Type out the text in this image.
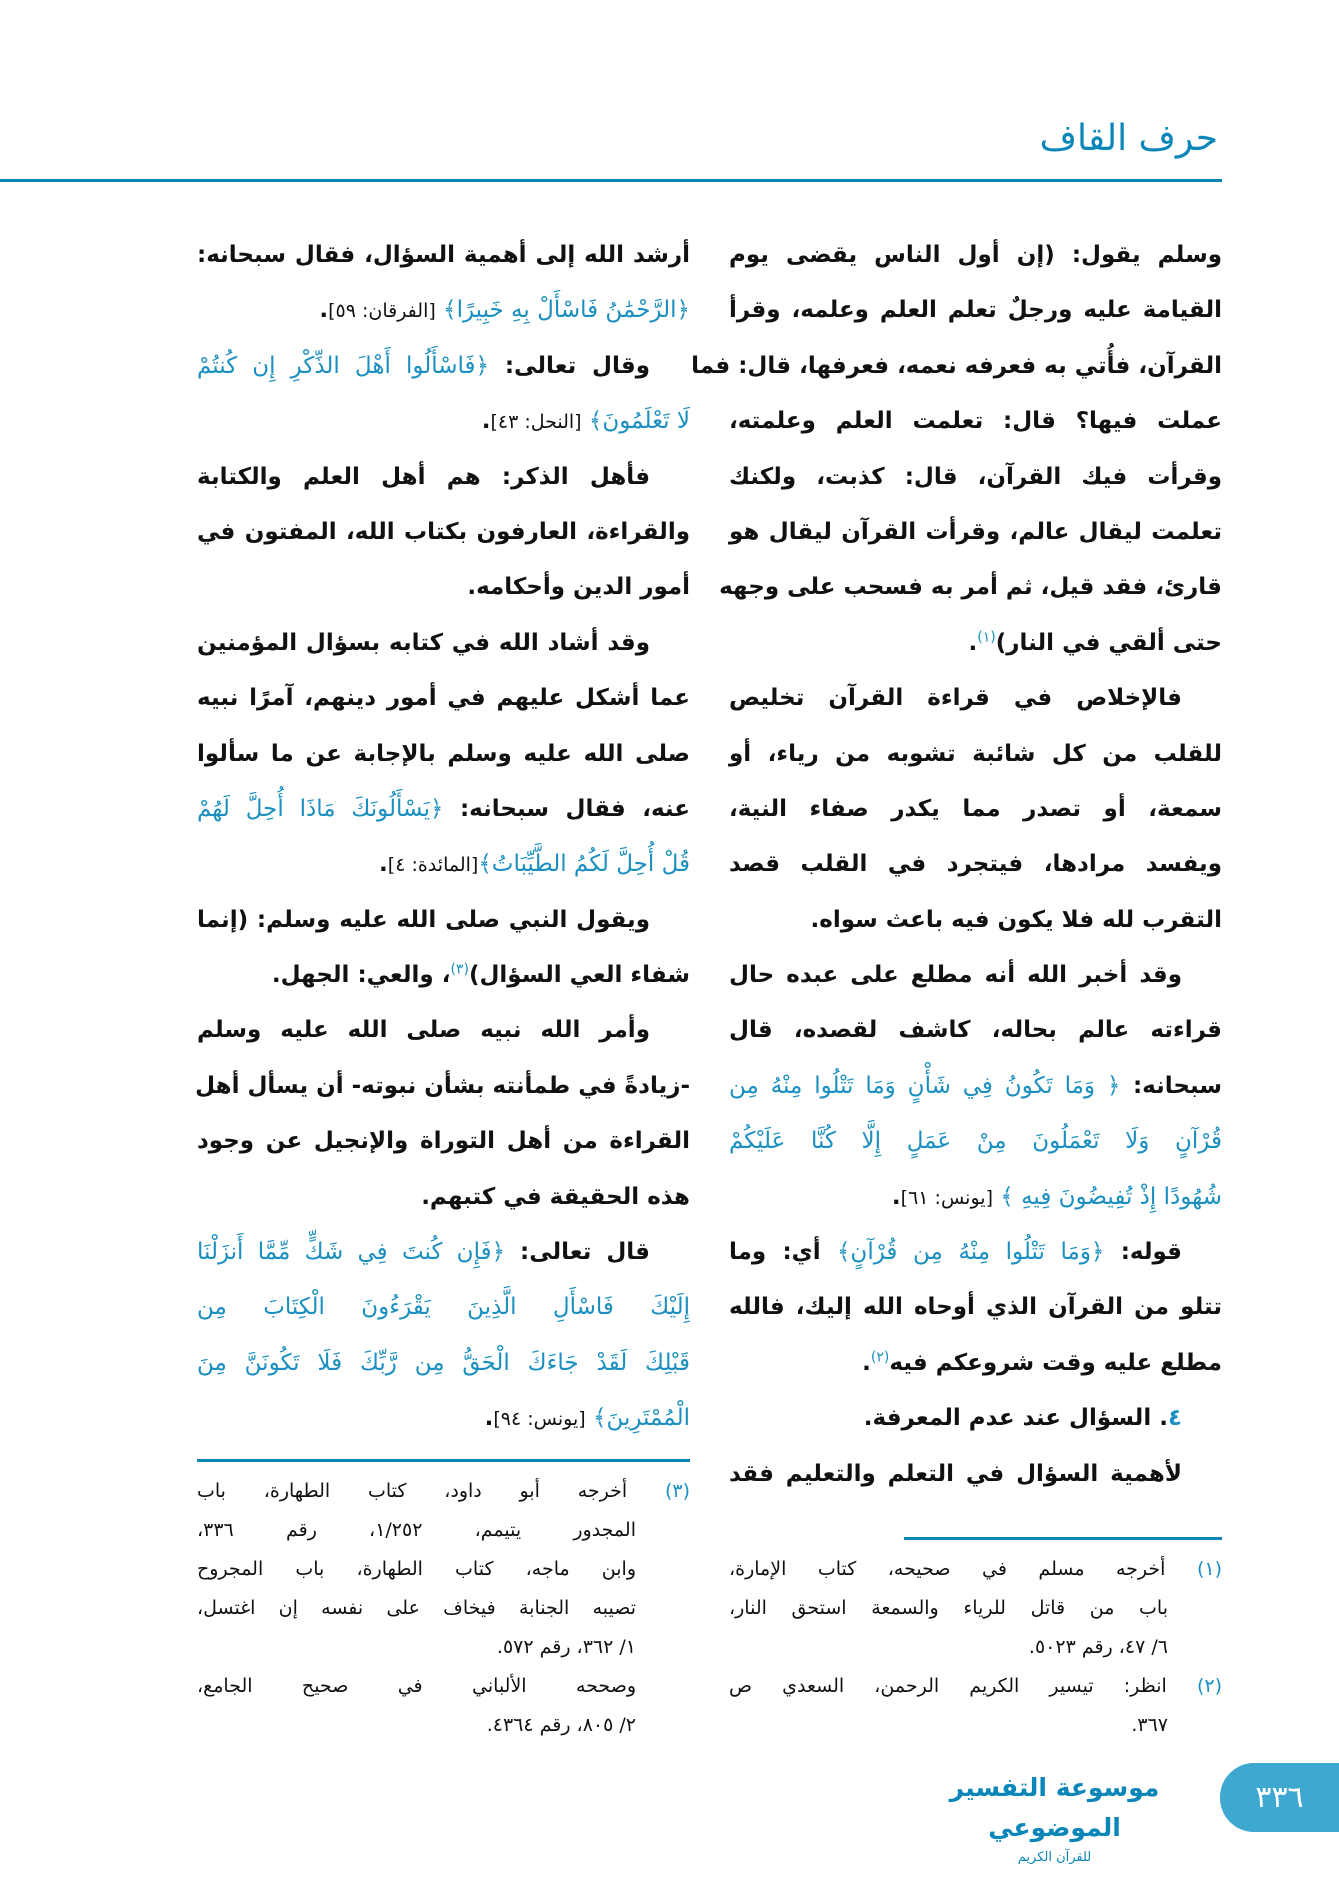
حرف القاف
وسلم يقول: (إن أول الناس يقضى يوم
القيامة عليه ورجلٌ تعلم العلم وعلمه، وقرأ
القرآن، فأُتي به فعرفه نعمه، فعرفها، قال: فما
عملت فيها؟ قال: تعلمت العلم وعلمته،
وقرأت فيك القرآن، قال: كذبت، ولكنك
تعلمت ليقال عالم، وقرأت القرآن ليقال هو
قارئ، فقد قيل، ثم أمر به فسحب على وجهه
حتى ألقي في النار)$^{(١)}$.
فالإخلاص في قراءة القرآن تخليص
للقلب من كل شائبة تشوبه من رياء، أو
سمعة، أو تصدر مما يكدر صفاء النية،
ويفسد مرادها، فيتجرد في القلب قصد
التقرب لله فلا يكون فيه باعث سواه.
وقد أخبر الله أنه مطلع على عبده حال
قراءته عالم بحاله، كاشف لقصده، قال
سبحانه: ﴿ وَمَا تَكُونُ فِي شَأْنٍ وَمَا تَتْلُوا مِنْهُ مِن
قُرْآنٍ وَلَا تَعْمَلُونَ مِنْ عَمَلٍ إِلَّا كُنَّا عَلَيْكُمْ
شُهُودًا إِذْ تُفِيضُونَ فِيهِ ﴾ [يونس: ٦١].
قوله: ﴿وَمَا تَتْلُوا مِنْهُ مِن قُرْآنٍ﴾ أي: وما
تتلو من القرآن الذي أوحاه الله إليك، فالله
مطلع عليه وقت شروعكم فيه$^{(٢)}$.
٤. السؤال عند عدم المعرفة.
لأهمية السؤال في التعلم والتعليم فقد
أرشد الله إلى أهمية السؤال، فقال سبحانه:
﴿الرَّحْمَٰنُ فَاسْأَلْ بِهِ خَبِيرًا﴾ [الفرقان: ٥٩].
وقال تعالى: ﴿فَاسْأَلُوا أَهْلَ الذِّكْرِ إِن كُنتُمْ
لَا تَعْلَمُونَ﴾ [النحل: ٤٣].
فأهل الذكر: هم أهل العلم والكتابة
والقراءة، العارفون بكتاب الله، المفتون في
أمور الدين وأحكامه.
وقد أشاد الله في كتابه بسؤال المؤمنين
عما أشكل عليهم في أمور دينهم، آمرًا نبيه
صلى الله عليه وسلم بالإجابة عن ما سألوا
عنه، فقال سبحانه: ﴿يَسْأَلُونَكَ مَاذَا أُحِلَّ لَهُمْ
قُلْ أُحِلَّ لَكُمُ الطَّيِّبَاتُ﴾[المائدة: ٤].
ويقول النبي صلى الله عليه وسلم: (إنما
شفاء العي السؤال)$^{(٣)}$، والعي: الجهل.
وأمر الله نبيه صلى الله عليه وسلم
-زيادةً في طمأنته بشأن نبوته- أن يسأل أهل
القراءة من أهل التوراة والإنجيل عن وجود
هذه الحقيقة في كتبهم.
قال تعالى: ﴿فَإِن كُنتَ فِي شَكٍّ مِّمَّا أَنزَلْنَا
إِلَيْكَ فَاسْأَلِ الَّذِينَ يَقْرَءُونَ الْكِتَابَ مِن
قَبْلِكَ لَقَدْ جَاءَكَ الْحَقُّ مِن رَّبِّكَ فَلَا تَكُونَنَّ مِنَ
الْمُمْتَرِينَ﴾ [يونس: ٩٤].
(١) أخرجه مسلم في صحيحه، كتاب الإمارة،
باب من قاتل للرياء والسمعة استحق النار،
٦/ ٤٧، رقم ٥٠٢٣.
(٢) انظر: تيسير الكريم الرحمن، السعدي ص
٣٦٧.
(٣) أخرجه أبو داود، كتاب الطهارة، باب
المجدور يتيمم، ١/٢٥٢، رقم ٣٣٦،
وابن ماجه، كتاب الطهارة، باب المجروح
تصيبه الجنابة فيخاف على نفسه إن اغتسل،
١/ ٣٦٢، رقم ٥٧٢.
وصححه الألباني في صحيح الجامع،
٢/ ٨٠٥، رقم ٤٣٦٤.
موسوعة التفسير الموضوعي
للقرآن الكريم
٣٣٦
